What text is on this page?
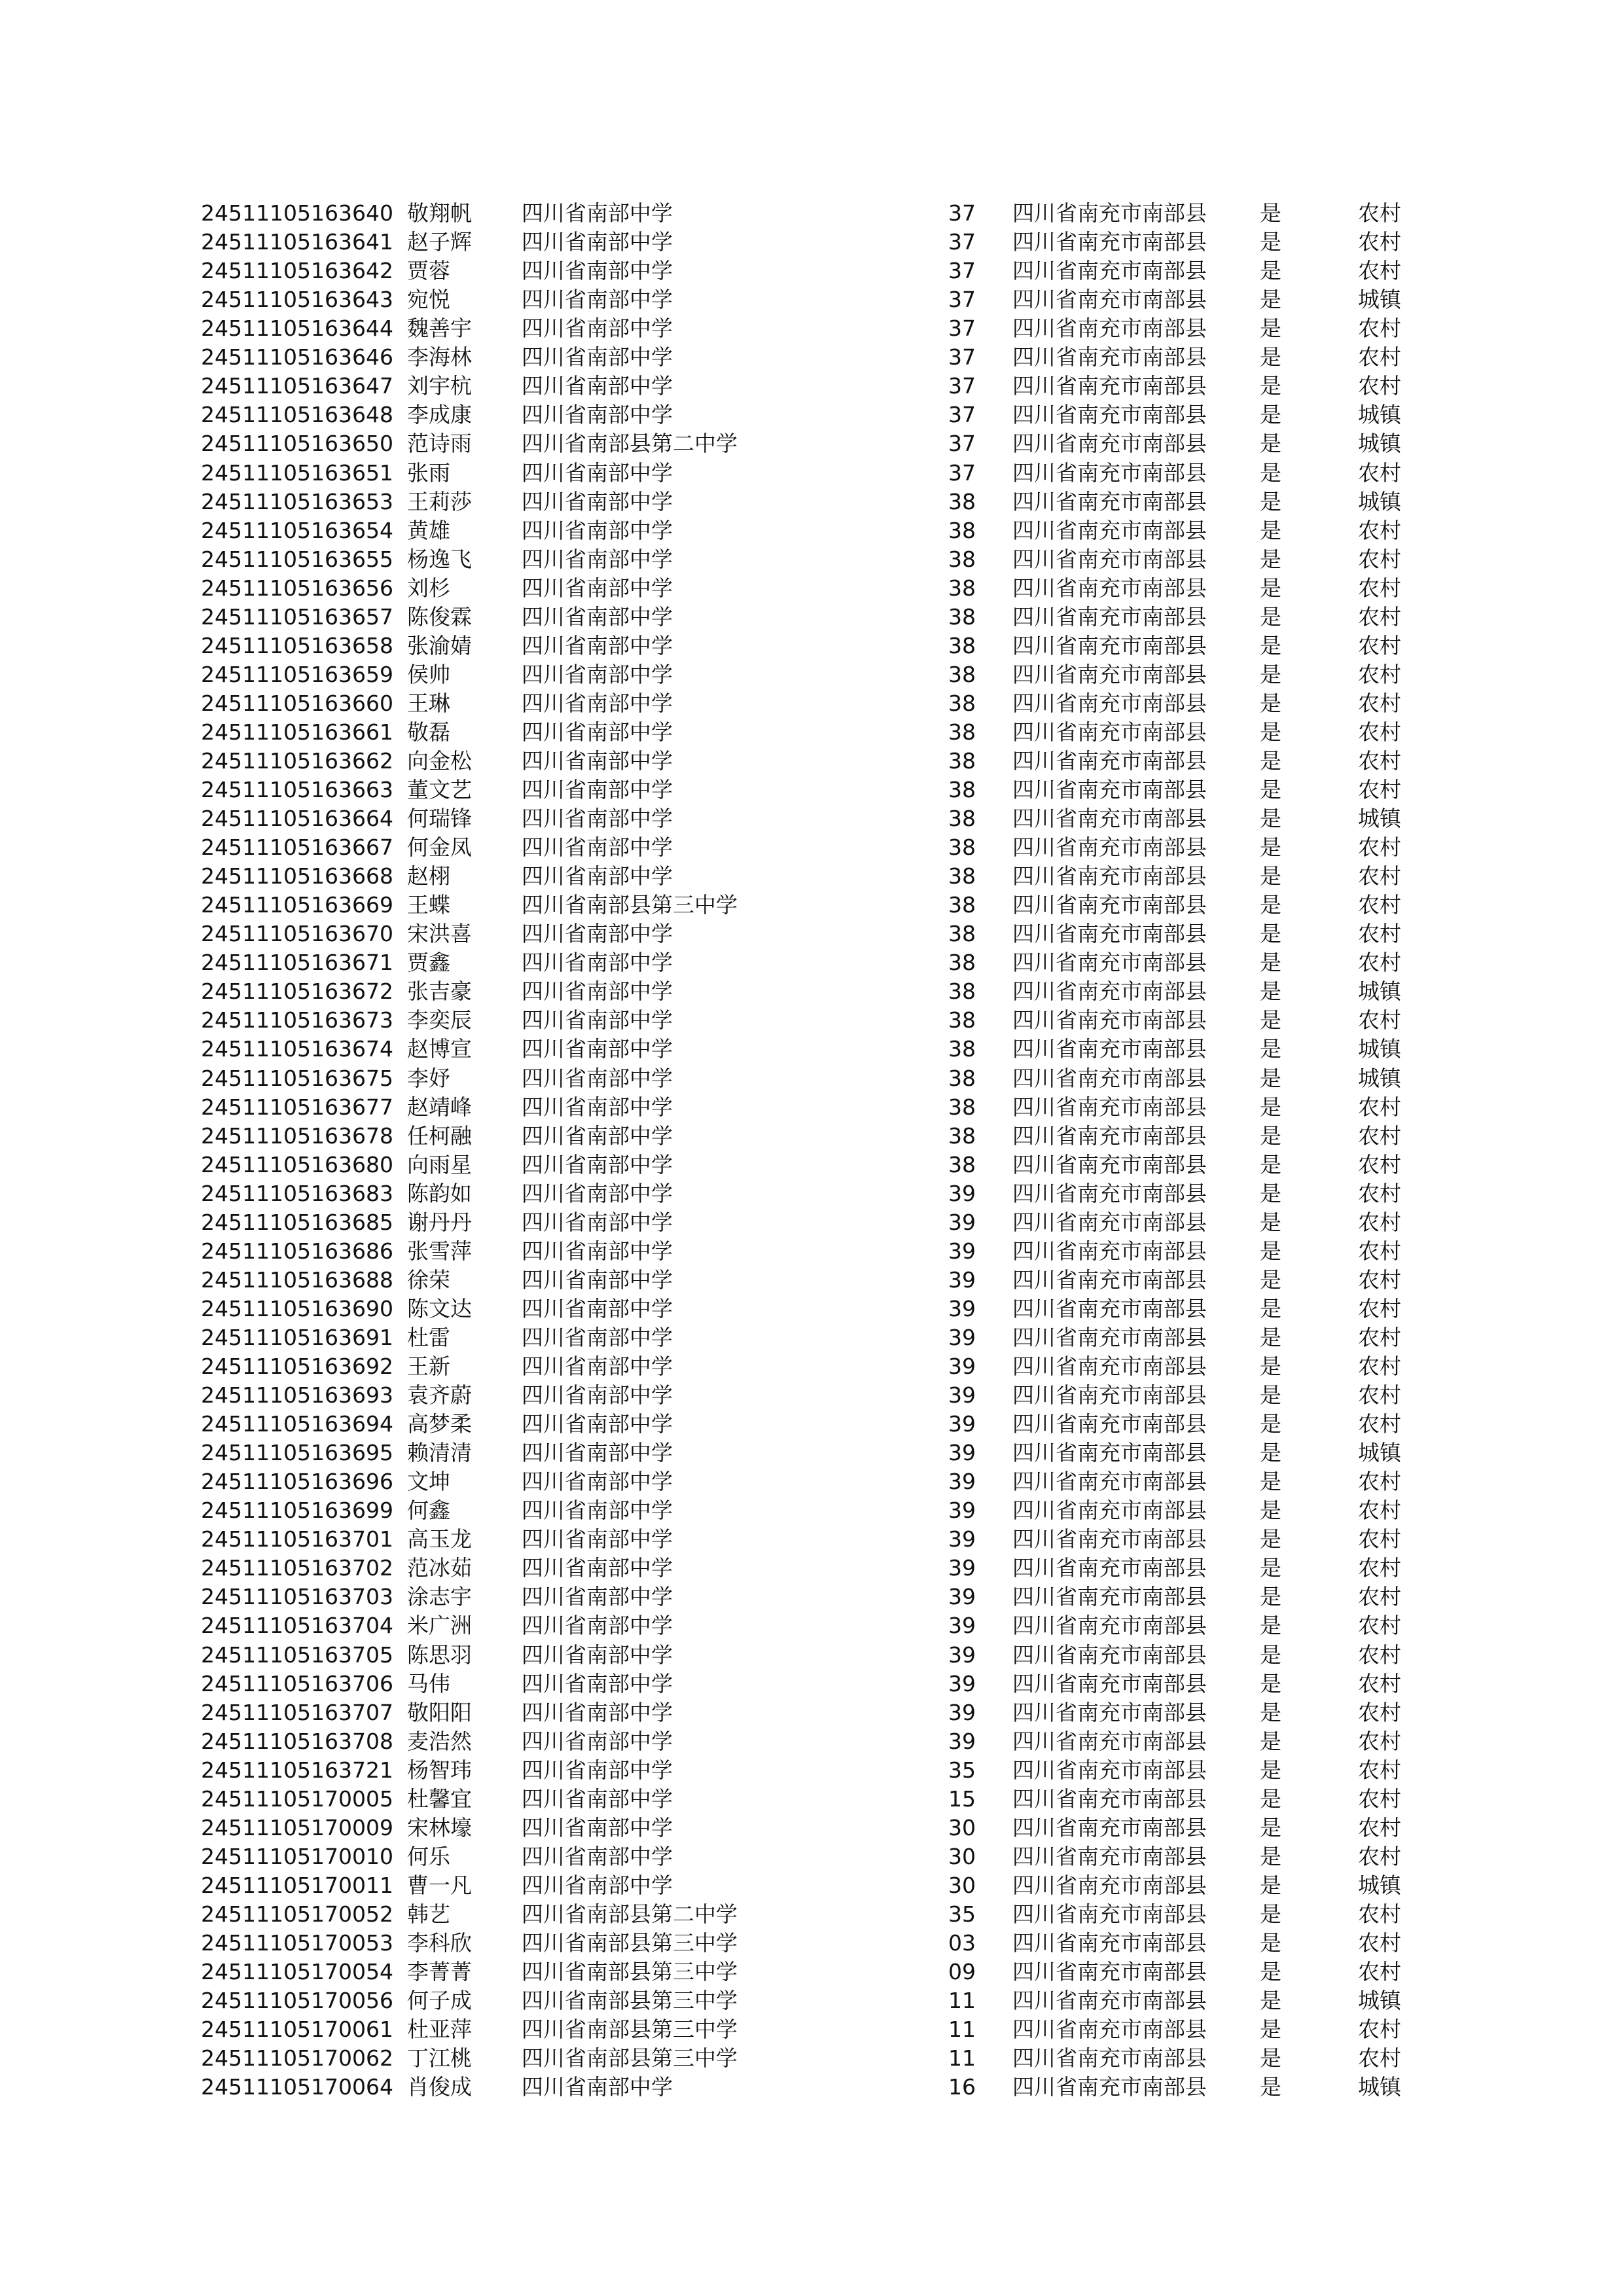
24511105163640 敬翔帆 四川省南部中学	37 四川省南充市南部县 是	农村
24511105163641 赵子辉 四川省南部中学	37 四川省南充市南部县 是	农村
24511105163642 贾蓉	四川省南部中学	37 四川省南充市南部县 是	农村
24511105163643 宛悦	四川省南部中学	37 四川省南充市南部县 是	城镇
24511105163644 魏善宇 四川省南部中学	37 四川省南充市南部县 是	农村
24511105163646 李海林 四川省南部中学	37 四川省南充市南部县 是	农村
24511105163647 刘宇杭 四川省南部中学	37 四川省南充市南部县 是	农村
24511105163648 李成康 四川省南部中学	37 四川省南充市南部县 是	城镇
24511105163650 范诗雨 四川省南部县第二中学	37 四川省南充市南部县 是	城镇
24511105163651 张雨	四川省南部中学	37 四川省南充市南部县 是	农村
24511105163653 王莉莎 四川省南部中学	38 四川省南充市南部县 是	城镇
24511105163654 黄雄	四川省南部中学	38 四川省南充市南部县 是	农村
24511105163655 杨逸飞 四川省南部中学	38 四川省南充市南部县 是	农村
24511105163656 刘杉	四川省南部中学	38 四川省南充市南部县 是	农村
24511105163657 陈俊霖 四川省南部中学	38 四川省南充市南部县 是	农村
24511105163658 张渝婧 四川省南部中学	38 四川省南充市南部县 是	农村
24511105163659 侯帅	四川省南部中学	38 四川省南充市南部县 是	农村
24511105163660 王琳	四川省南部中学	38 四川省南充市南部县 是	农村
24511105163661 敬磊	四川省南部中学	38 四川省南充市南部县 是	农村
24511105163662 向金松 四川省南部中学	38 四川省南充市南部县 是	农村
24511105163663 董文艺 四川省南部中学	38 四川省南充市南部县 是	农村
24511105163664 何瑞锋 四川省南部中学	38 四川省南充市南部县 是	城镇
24511105163667 何金凤 四川省南部中学	38 四川省南充市南部县 是	农村
24511105163668 赵栩	四川省南部中学	38 四川省南充市南部县 是	农村
24511105163669 王蝶	四川省南部县第三中学	38 四川省南充市南部县 是	农村
24511105163670 宋洪喜 四川省南部中学	38 四川省南充市南部县 是	农村
24511105163671 贾鑫	四川省南部中学	38 四川省南充市南部县 是	农村
24511105163672 张吉豪 四川省南部中学	38 四川省南充市南部县 是	城镇
24511105163673 李奕辰 四川省南部中学	38 四川省南充市南部县 是	农村
24511105163674 赵博宣 四川省南部中学	38 四川省南充市南部县 是	城镇
24511105163675 李妤	四川省南部中学	38 四川省南充市南部县 是	城镇
24511105163677 赵靖峰 四川省南部中学	38 四川省南充市南部县 是	农村
24511105163678 任柯融 四川省南部中学	38 四川省南充市南部县 是	农村
24511105163680 向雨星 四川省南部中学	38 四川省南充市南部县 是	农村
24511105163683 陈韵如 四川省南部中学	39 四川省南充市南部县 是	农村
24511105163685 谢丹丹 四川省南部中学	39 四川省南充市南部县 是	农村
24511105163686 张雪萍 四川省南部中学	39 四川省南充市南部县 是	农村
24511105163688 徐荣	四川省南部中学	39 四川省南充市南部县 是	农村
24511105163690 陈文达 四川省南部中学	39 四川省南充市南部县 是	农村
24511105163691 杜雷	四川省南部中学	39 四川省南充市南部县 是	农村
24511105163692 王新	四川省南部中学	39 四川省南充市南部县 是	农村
24511105163693 袁齐蔚 四川省南部中学	39 四川省南充市南部县 是	农村
24511105163694 高梦柔 四川省南部中学	39 四川省南充市南部县 是	农村
24511105163695 赖清清 四川省南部中学	39 四川省南充市南部县 是	城镇
24511105163696 文坤	四川省南部中学	39 四川省南充市南部县 是	农村
24511105163699 何鑫	四川省南部中学	39 四川省南充市南部县 是	农村
24511105163701 高玉龙 四川省南部中学	39 四川省南充市南部县 是	农村
24511105163702 范冰茹 四川省南部中学	39 四川省南充市南部县 是	农村
24511105163703 涂志宇 四川省南部中学	39 四川省南充市南部县 是	农村
24511105163704 米广洲 四川省南部中学	39 四川省南充市南部县 是	农村
24511105163705 陈思羽 四川省南部中学	39 四川省南充市南部县 是	农村
24511105163706 马伟	四川省南部中学	39 四川省南充市南部县 是	农村
24511105163707 敬阳阳 四川省南部中学	39 四川省南充市南部县 是	农村
24511105163708 麦浩然 四川省南部中学	39 四川省南充市南部县 是	农村
24511105163721 杨智玮 四川省南部中学	35 四川省南充市南部县 是	农村
24511105170005 杜馨宜 四川省南部中学	15 四川省南充市南部县 是	农村
24511105170009 宋林壕 四川省南部中学	30 四川省南充市南部县 是	农村
24511105170010 何乐	四川省南部中学	30 四川省南充市南部县 是	农村
24511105170011 曹一凡 四川省南部中学	30 四川省南充市南部县 是	城镇
24511105170052 韩艺	四川省南部县第二中学	35 四川省南充市南部县 是	农村
24511105170053 李科欣 四川省南部县第三中学	03 四川省南充市南部县 是	农村
24511105170054 李菁菁 四川省南部县第三中学	09 四川省南充市南部县 是	农村
24511105170056 何子成 四川省南部县第三中学	11 四川省南充市南部县 是	城镇
24511105170061 杜亚萍 四川省南部县第三中学	11 四川省南充市南部县 是	农村
24511105170062 丁江桃 四川省南部县第三中学	11 四川省南充市南部县 是	农村
24511105170064 肖俊成 四川省南部中学	16 四川省南充市南部县 是	城镇
